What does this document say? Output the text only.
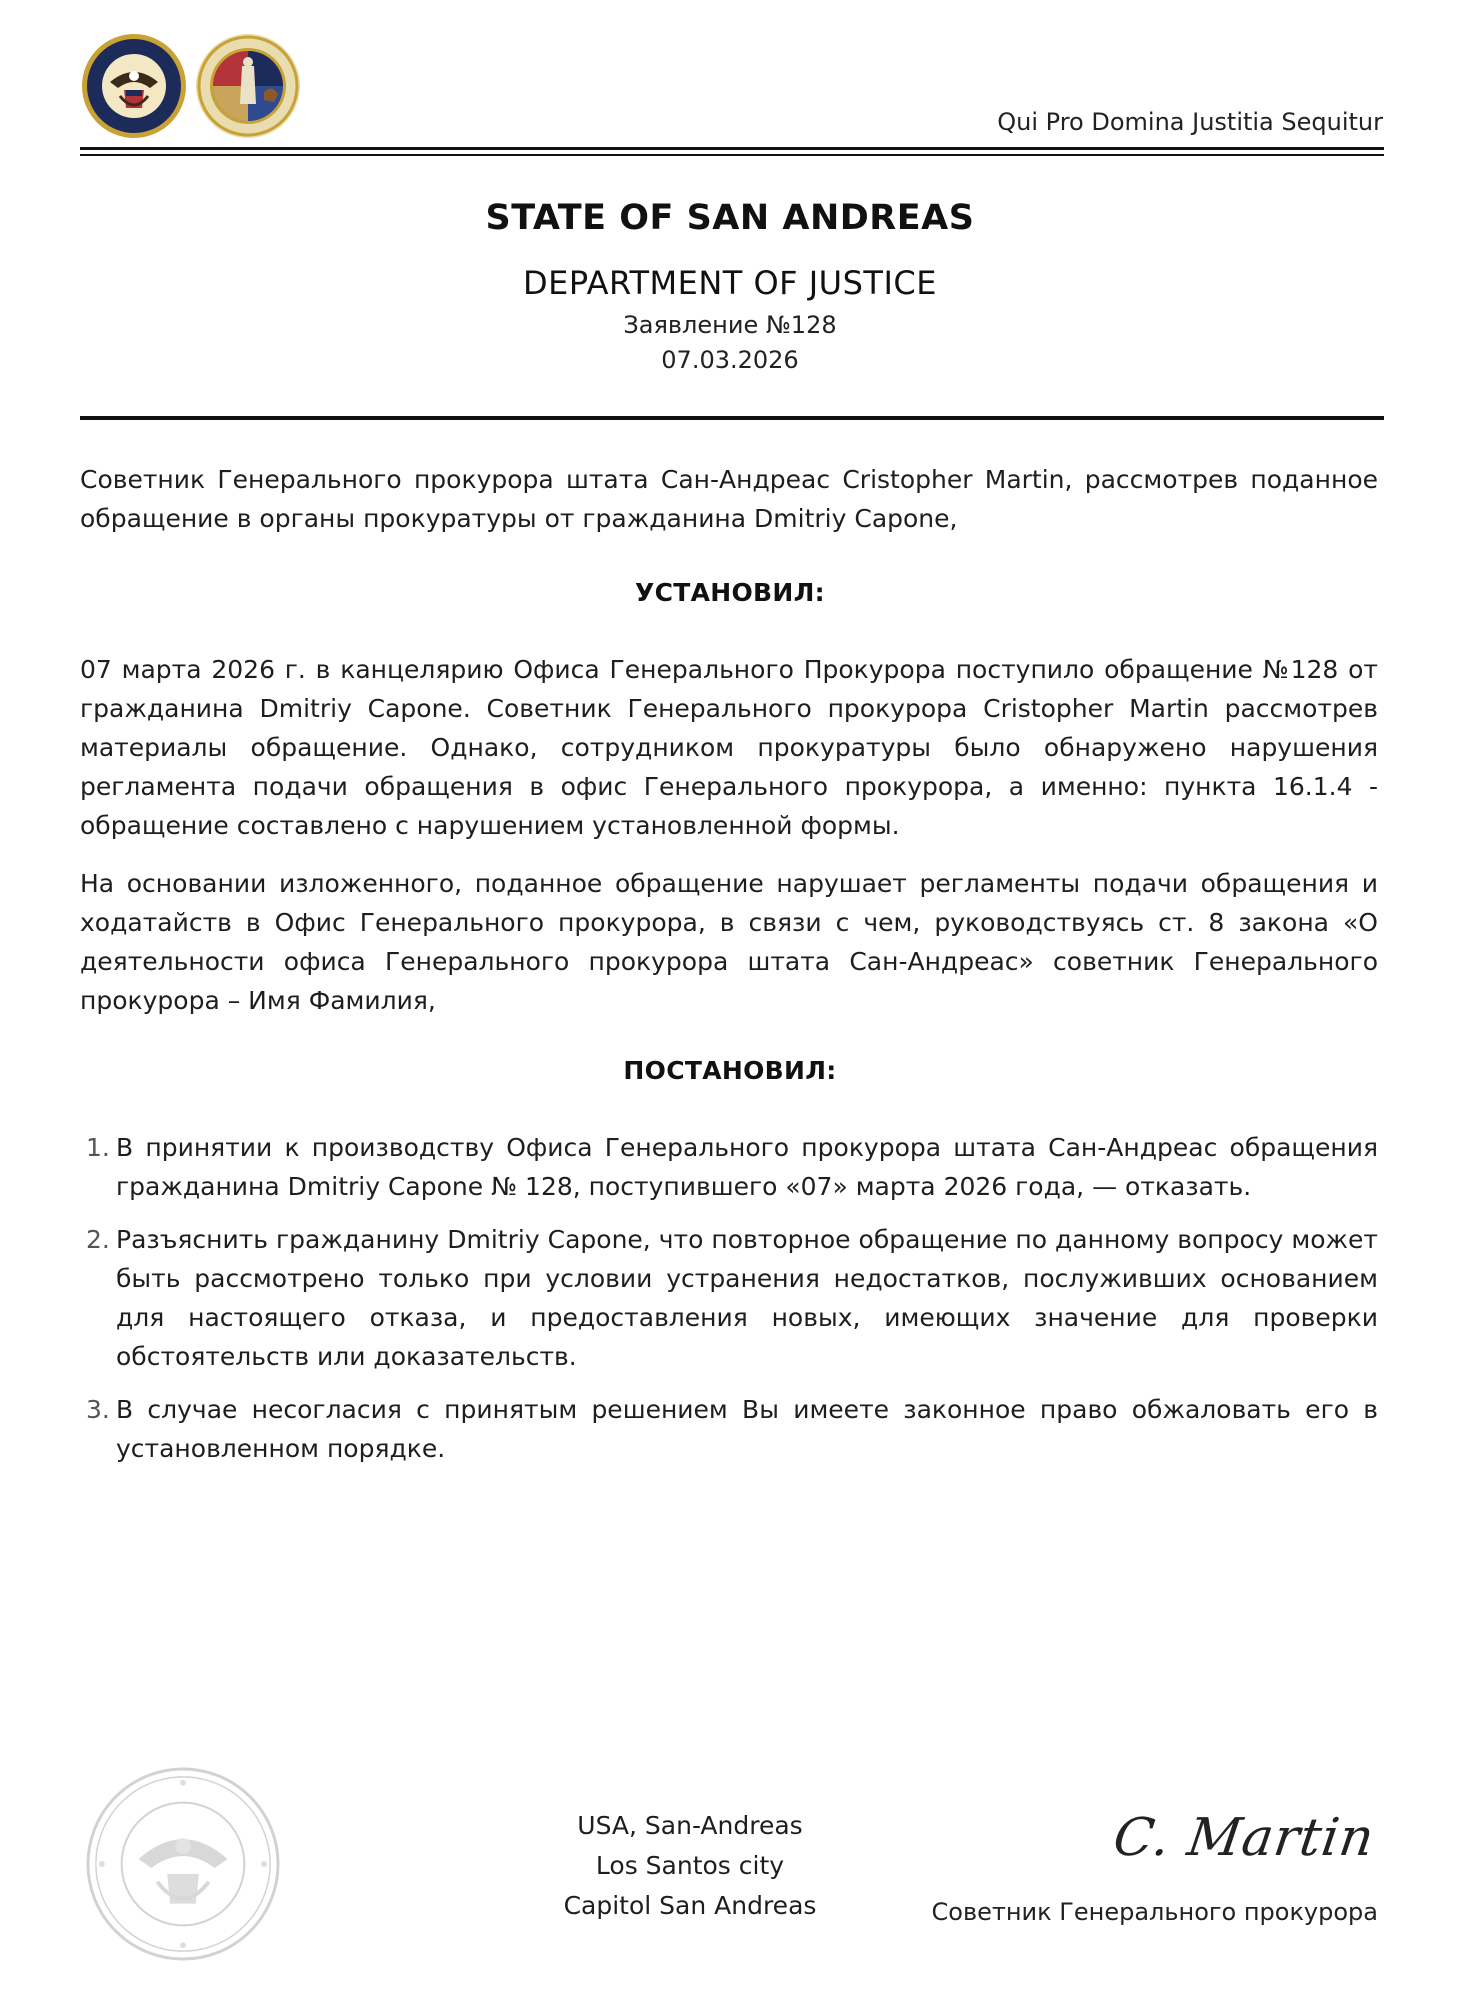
Qui Pro Domina Justitia Sequitur
STATE OF SAN ANDREAS
DEPARTMENT OF JUSTICE
Заявление №128
07.03.2026
Советник Генерального прокурора штата Сан-Андреас Cristopher Martin, рассмотрев поданное обращение в органы прокуратуры от гражданина Dmitriy Capone,
УСТАНОВИЛ:
07 марта 2026 г. в канцелярию Офиса Генерального Прокурора поступило обращение №128 от гражданина Dmitriy Capone. Советник Генерального прокурора Cristopher Martin рассмотрев материалы обращение. Однако, сотрудником прокуратуры было обнаружено нарушения регламента подачи обращения в офис Генерального прокурора, а именно: пункта 16.1.4 - обращение составлено с нарушением установленной формы.
На основании изложенного, поданное обращение нарушает регламенты подачи обращения и ходатайств в Офис Генерального прокурора, в связи с чем, руководствуясь ст. 8 закона «О деятельности офиса Генерального прокурора штата Сан-Андреас» советник Генерального прокурора – Имя Фамилия,
ПОСТАНОВИЛ:
1. В принятии к производству Офиса Генерального прокурора штата Сан-Андреас обращения гражданина Dmitriy Capone № 128, поступившего «07» марта 2026 года, — отказать.
2. Разъяснить гражданину Dmitriy Capone, что повторное обращение по данному вопросу может быть рассмотрено только при условии устранения недостатков, послуживших основанием для настоящего отказа, и предоставления новых, имеющих значение для проверки обстоятельств или доказательств.
3. В случае несогласия с принятым решением Вы имеете законное право обжаловать его в установленном порядке.
USA, San-Andreas
Los Santos city
Capitol San Andreas
C. Martin
Советник Генерального прокурора
